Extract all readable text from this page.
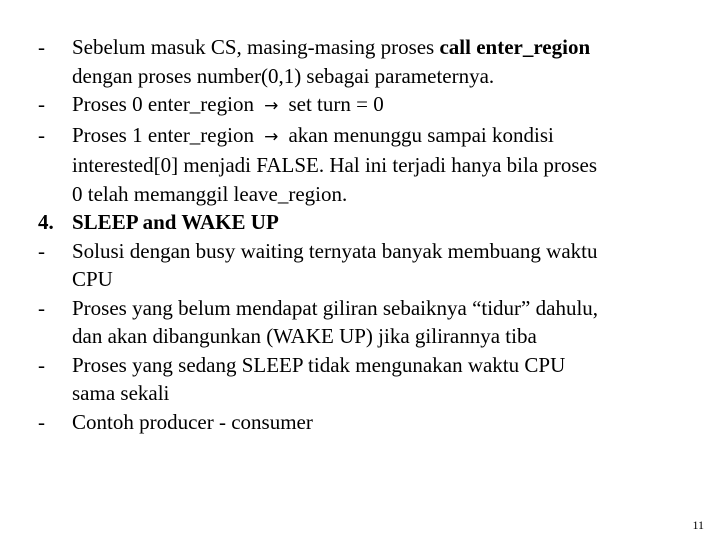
-	Sebelum masuk CS, masing-masing proses call enter_region
dengan proses number(0,1) sebagai parameternya.
-	Proses 0 enter_region → set turn = 0
-	Proses 1 enter_region → akan menunggu sampai kondisi
interested[0] menjadi FALSE. Hal ini terjadi hanya bila proses
0 telah memanggil leave_region.
4. SLEEP and WAKE UP
-	Solusi dengan busy waiting ternyata banyak membuang waktu
CPU
-	Proses yang belum mendapat giliran sebaiknya “tidur” dahulu,
dan akan dibangunkan (WAKE UP) jika gilirannya tiba
-	Proses yang sedang SLEEP tidak mengunakan waktu CPU
sama sekali
-	Contoh producer - consumer
11
